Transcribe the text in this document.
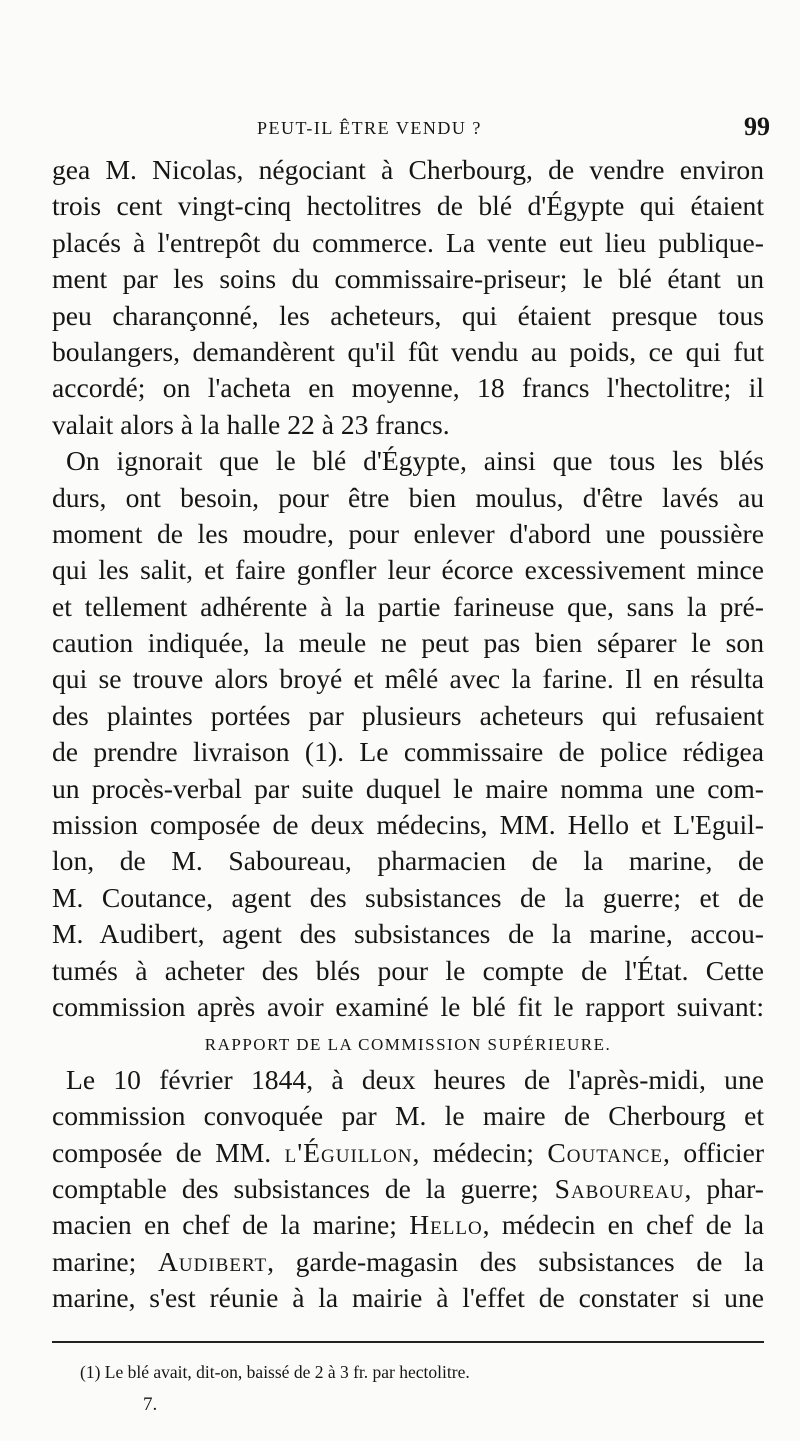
PEUT-IL ÊTRE VENDU ?	99
gea M. Nicolas, négociant à Cherbourg, de vendre environ
trois cent vingt-cinq hectolitres de blé d'Égypte qui étaient
placés à l'entrepôt du commerce. La vente eut lieu publique-
ment par les soins du commissaire-priseur; le blé étant un
peu charançonné, les acheteurs, qui étaient presque tous
boulangers, demandèrent qu'il fût vendu au poids, ce qui fut
accordé; on l'acheta en moyenne, 18 francs l'hectolitre; il
valait alors à la halle 22 à 23 francs.
On ignorait que le blé d'Égypte, ainsi que tous les blés
durs, ont besoin, pour être bien moulus, d'être lavés au
moment de les moudre, pour enlever d'abord une poussière
qui les salit, et faire gonfler leur écorce excessivement mince
et tellement adhérente à la partie farineuse que, sans la pré-
caution indiquée, la meule ne peut pas bien séparer le son
qui se trouve alors broyé et mêlé avec la farine. Il en résulta
des plaintes portées par plusieurs acheteurs qui refusaient
de prendre livraison (1). Le commissaire de police rédigea
un procès-verbal par suite duquel le maire nomma une com-
mission composée de deux médecins, MM. Hello et L'Eguil-
lon, de M. Saboureau, pharmacien de la marine, de
M. Coutance, agent des subsistances de la guerre; et de
M. Audibert, agent des subsistances de la marine, accou-
tumés à acheter des blés pour le compte de l'État. Cette
commission après avoir examiné le blé fit le rapport suivant:
RAPPORT DE LA COMMISSION SUPÉRIEURE.
Le 10 février 1844, à deux heures de l'après-midi, une
commission convoquée par M. le maire de Cherbourg et
composée de MM. l'Éguillon, médecin; Coutance, officier
comptable des subsistances de la guerre; Saboureau, phar-
macien en chef de la marine; Hello, médecin en chef de la
marine; Audibert, garde-magasin des subsistances de la
marine, s'est réunie à la mairie à l'effet de constater si une
(1) Le blé avait, dit-on, baissé de 2 à 3 fr. par hectolitre.
7.
